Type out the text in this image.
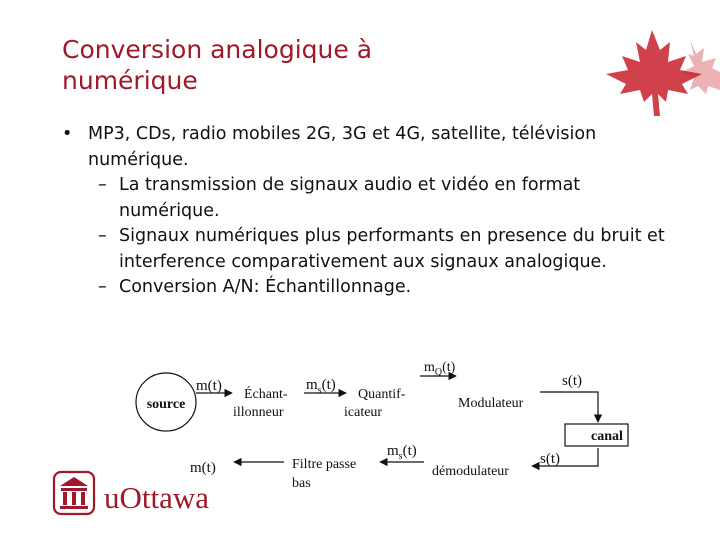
Conversion analogique à numérique
• MP3, CDs, radio mobiles 2G, 3G et 4G, satellite, télévision numérique.
– La transmission de signaux audio et vidéo en format numérique.
– Signaux numériques plus performants en presence du bruit et interference comparativement aux signaux analogique.
– Conversion A/N: Échantillonnage.
source
m(t)
Échant-
illonneur
$m_s(t)$
Quantif-
icateur
$m_Q(t)$
Modulateur
s(t)
canal
m(t)	Filtre passe
bas
$m_s(t)$
démodulateur
s(t)
uOttawa
